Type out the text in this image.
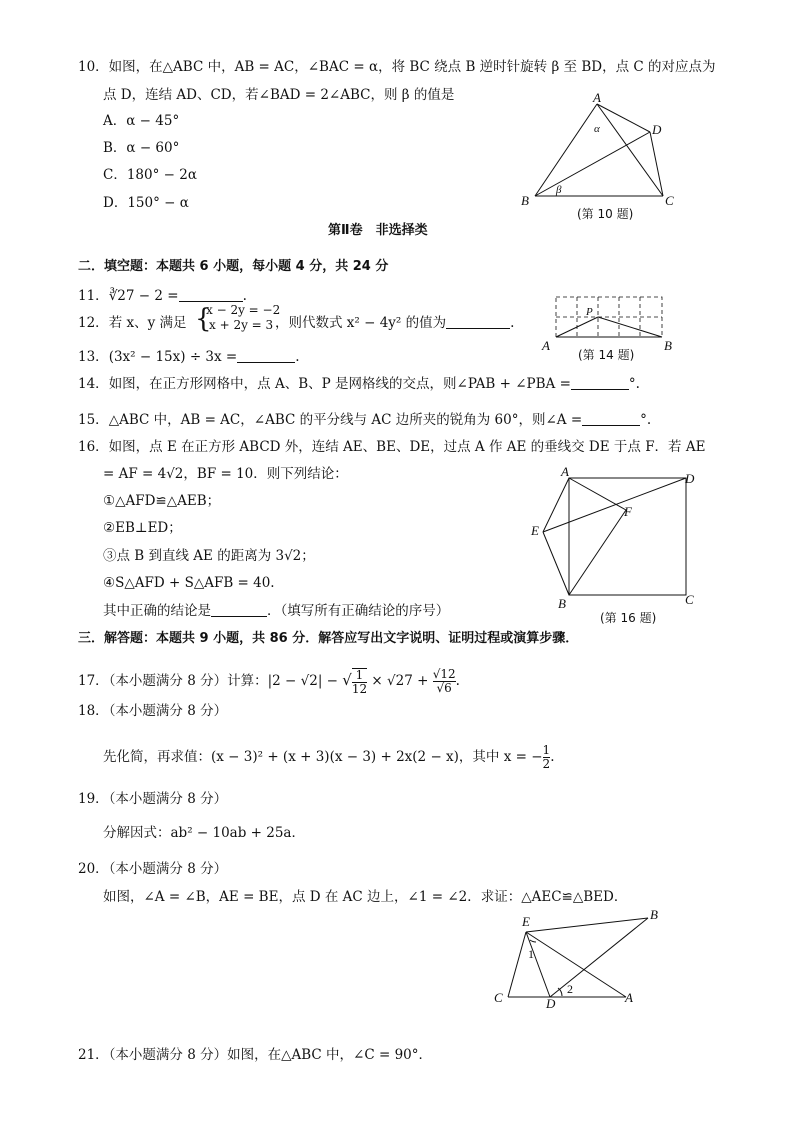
10．如图，在△ABC 中，AB = AC，∠BAC = α，将 BC 绕点 B 逆时针旋转 β 至 BD，点 C 的对应点为
点 D，连结 AD、CD，若∠BAD = 2∠ABC，则 β 的值是
A．α − 45°
B．α − 60°
C．180° − 2α
D．150° − α
A
B	C
D
α
β
(第 10 题)
第Ⅱ卷　非选择类
二．填空题：本题共 6 小题，每小题 4 分，共 24 分
11．∛27 − 2 =	.
12．若 x、y 满足 {
x − 2y = −2
x + 2y = 3 ，则代数式 x² − 4y² 的值为	.
A	B
P
(第 14 题)
13．(3x² − 15x) ÷ 3x =	.
14．如图，在正方形网格中，点 A、B、P 是网格线的交点，则∠PAB + ∠PBA =	°.
15．△ABC 中，AB = AC，∠ABC 的平分线与 AC 边所夹的锐角为 60°，则∠A =	°.
16．如图，点 E 在正方形 ABCD 外，连结 AE、BE、DE，过点 A 作 AE 的垂线交 DE 于点 F．若 AE
= AF = 4√2，BF = 10．则下列结论：
①△AFD≌△AEB；
②EB⊥ED；
③点 B 到直线 AE 的距离为 3√2；
④S△AFD + S△AFB = 40.
其中正确的结论是	．（填写所有正确结论的序号）
A
B	C
D
E
F
(第 16 题)
三．解答题：本题共 9 小题，共 86 分．解答应写出文字说明、证明过程或演算步骤．
17．（本小题满分 8 分）计算：|2 − √2| − √ $\frac{1}{12} \times √27 + \frac{√12}{√6}$ .
18．（本小题满分 8 分）
先化简，再求值：(x − 3)² + (x + 3)(x − 3) + 2x(2 − x)，其中 x = − $\frac{1}{2}$ .
19．（本小题满分 8 分）
分解因式：ab² − 10ab + 25a．
20．（本小题满分 8 分）
如图，∠A = ∠B，AE = BE，点 D 在 AC 边上，∠1 = ∠2．求证：△AEC≌△BED．
E	B
C	D	A
1
2
21．（本小题满分 8 分）如图，在△ABC 中，∠C = 90°．
